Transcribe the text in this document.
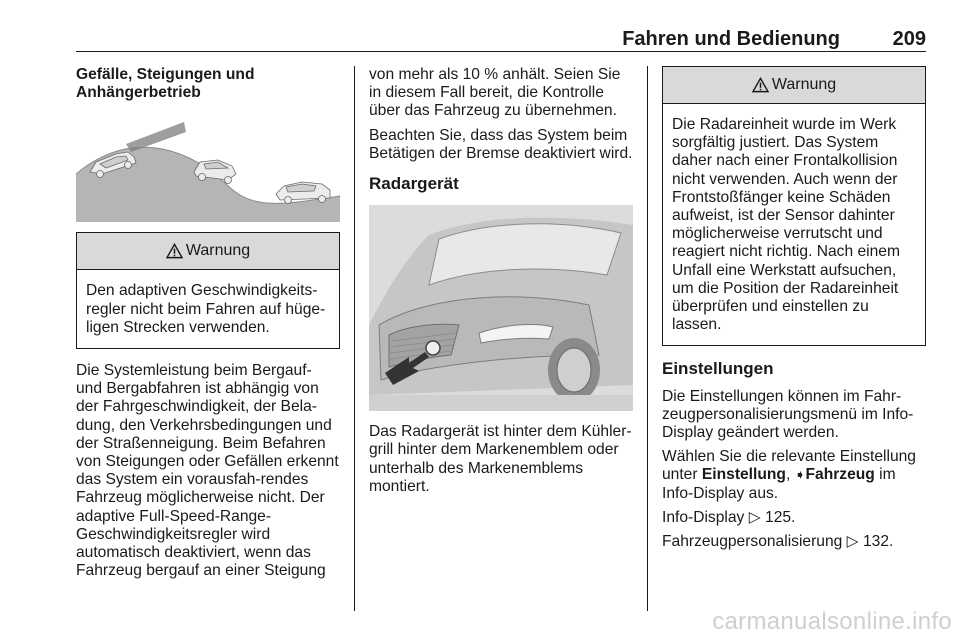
Fahren und Bedienung	209
Gefälle, Steigungen und Anhängerbetrieb
Warnung
Den adaptiven Geschwindigkeits-regler nicht beim Fahren auf hüge-ligen Strecken verwenden.

Die Systemleistung beim Bergauf- und Bergabfahren ist abhängig von der Fahrgeschwindigkeit, der Bela-dung, den Verkehrsbedingungen und der Straßenneigung. Beim Befahren von Steigungen oder Gefällen erkennt das System ein vorausfah-rendes Fahrzeug möglicherweise nicht. Der adaptive Full-Speed-Range-Geschwindigkeitsregler wird automatisch deaktiviert, wenn das Fahrzeug bergauf an einer Steigung

von mehr als 10 % anhält. Seien Sie in diesem Fall bereit, die Kontrolle über das Fahrzeug zu übernehmen.

Beachten Sie, dass das System beim Betätigen der Bremse deaktiviert wird.

Radargerät

Das Radargerät ist hinter dem Kühler-grill hinter dem Markenemblem oder unterhalb des Markenemblems montiert.

Warnung
Die Radareinheit wurde im Werk sorgfältig justiert. Das System daher nach einer Frontalkollision nicht verwenden. Auch wenn der Frontstoßfänger keine Schäden aufweist, ist der Sensor dahinter möglicherweise verrutscht und reagiert nicht richtig. Nach einem Unfall eine Werkstatt aufsuchen, um die Position der Radareinheit überprüfen und einstellen zu lassen.
Einstellungen

Die Einstellungen können im Fahr-zeugpersonalisierungsmenü im Info-Display geändert werden.

Wählen Sie die relevante Einstellung unter Einstellung, ➧Fahrzeug im Info-Display aus.

Info-Display ▷ 125.

Fahrzeugpersonalisierung ▷ 132.

carmanualsonline.info
